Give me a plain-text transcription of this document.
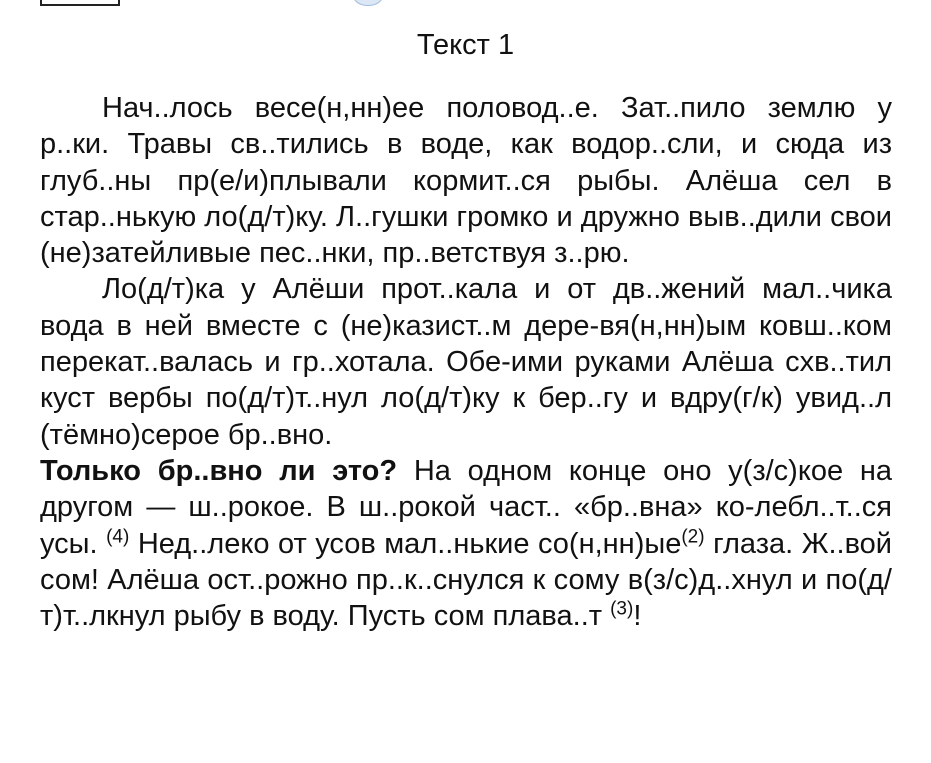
Текст 1

Нач..лось весе(н,нн)ее половод..е. Зат..пило землю у р..ки. Травы св..тились в воде, как водор..сли, и сюда из глуб..ны пр(е/и)плывали кормит..ся рыбы. Алёша сел в стар..нькую ло(д/т)ку. Л..гушки громко и дружно выв..дили свои (не)затейливые пес..нки, пр..ветствуя з..рю.

Ло(д/т)ка у Алёши прот..кала и от дв..жений мал..чика вода в ней вместе с (не)казист..м дере-вя(н,нн)ым ковш..ком перекат..валась и гр..хотала. Обе-ими руками Алёша схв..тил куст вербы по(д/т)т..нул ло(д/т)ку к бер..гу и вдру(г/к) увид..л (тёмно)серое бр..вно.

Только бр..вно ли это? На одном конце оно у(з/с)кое на другом — ш..рокое. В ш..рокой част.. «бр..вна» ко-лебл..т..ся усы. $^{(4)}$ Нед..леко от усов мал..нькие $со(н,нн)ые^{(2)}$ глаза. Ж..вой сом! Алёша ост..рожно пр..к..снулся к сому в(з/с)д..хнул и по(д/т)т..лкнул рыбу в воду. Пусть сом плава..т $^{(3)}$!
